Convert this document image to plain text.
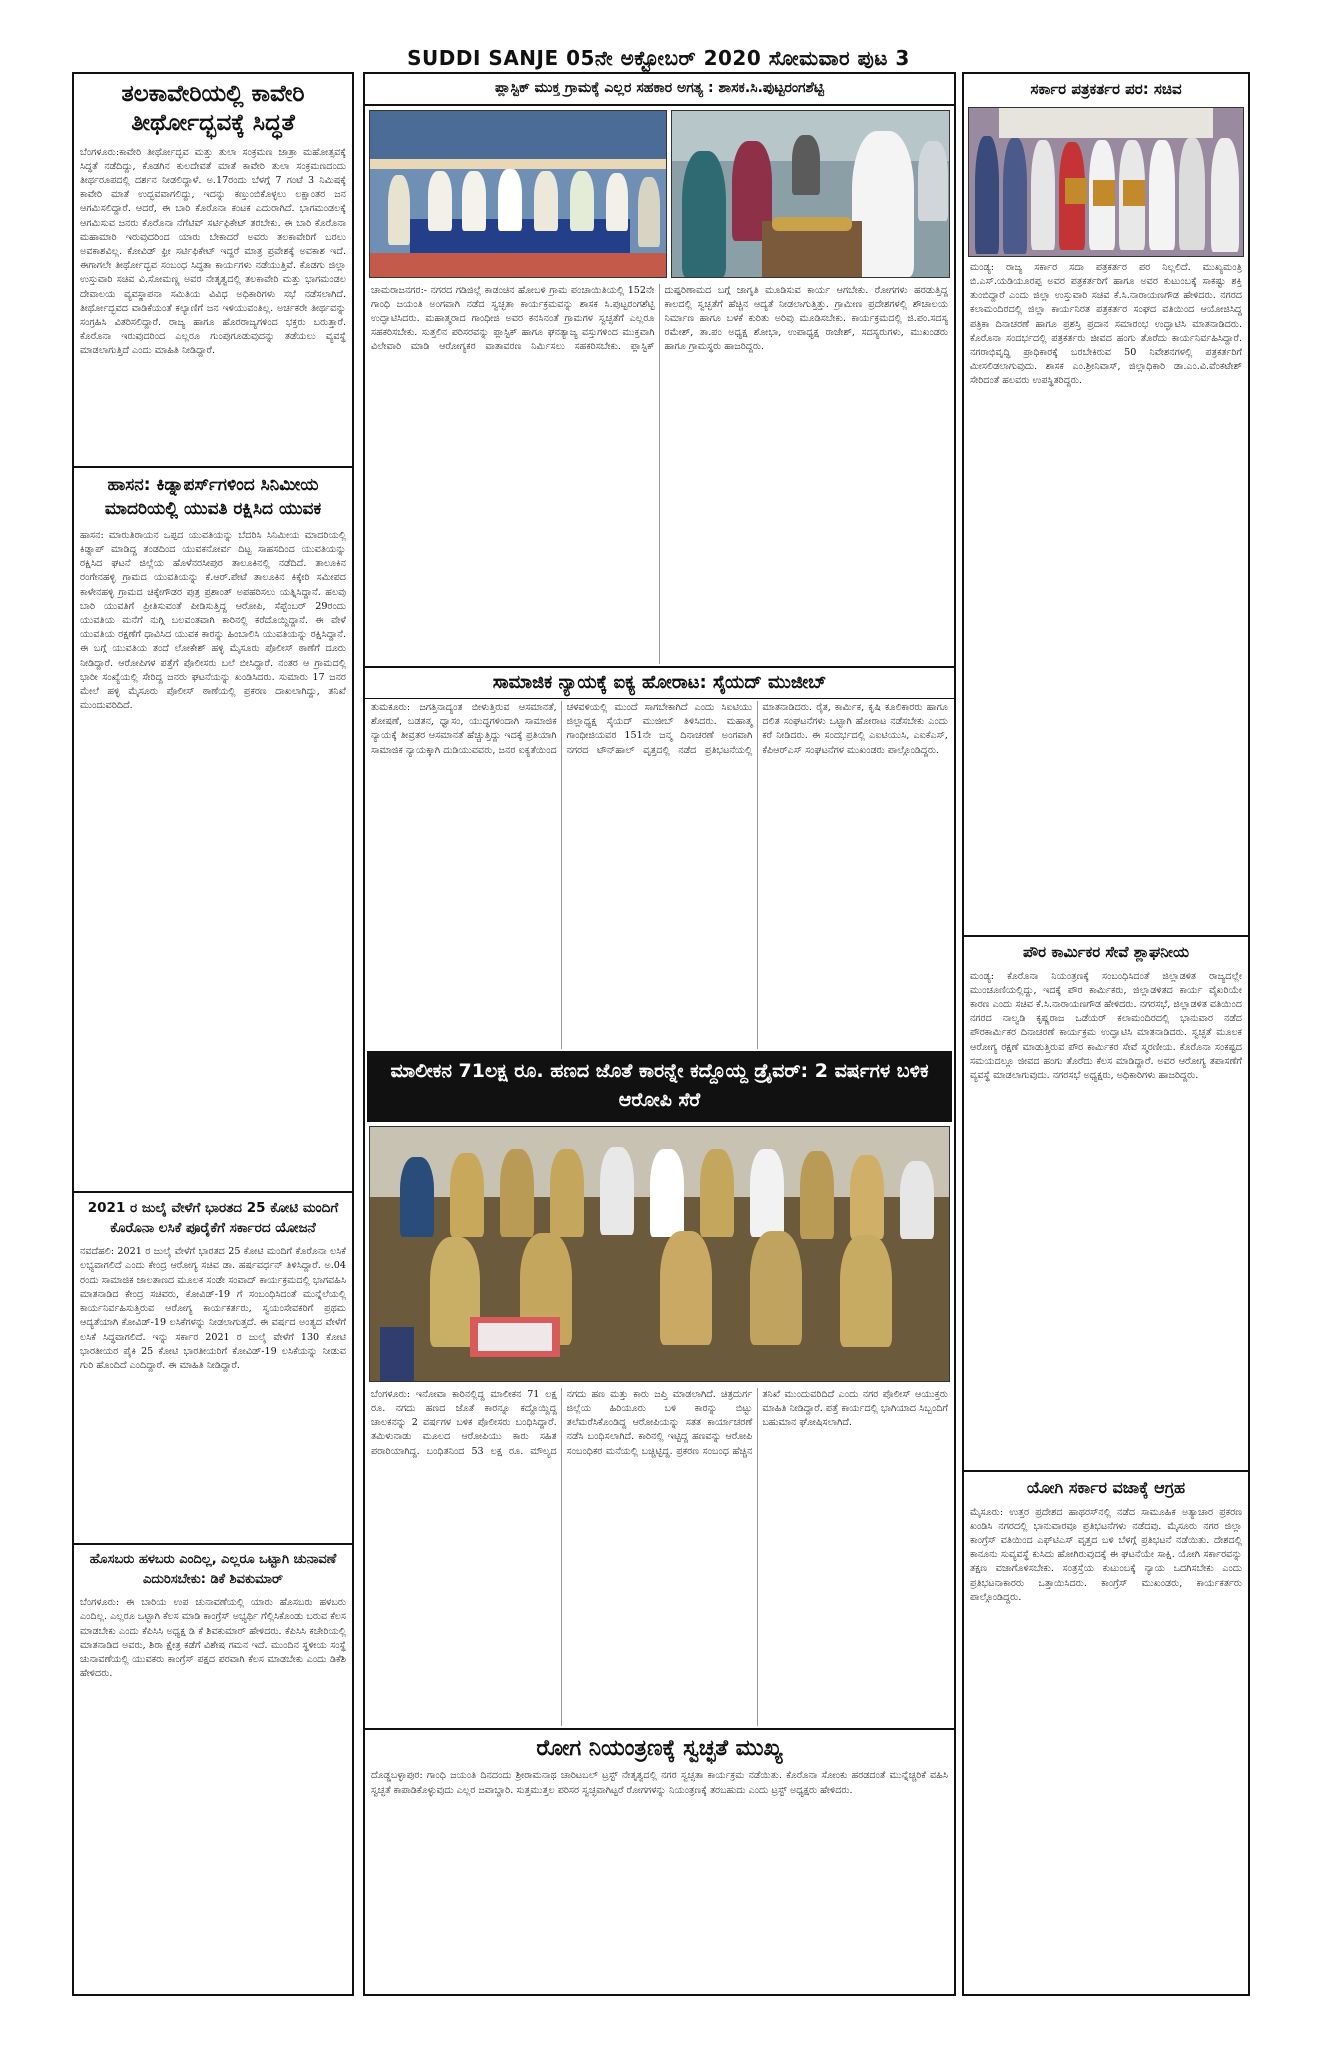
SUDDI SANJE 05ನೇ ಅಕ್ಟೋಬರ್ 2020 ಸೋಮವಾರ ಪುಟ 3
ತಲಕಾವೇರಿಯಲ್ಲಿ ಕಾವೇರಿ ತೀರ್ಥೋದ್ಭವಕ್ಕೆ ಸಿದ್ಧತೆ
ಬೆಂಗಳೂರು:ಕಾವೇರಿ ತೀರ್ಥೋದ್ಭವ ಮತ್ತು ತುಲಾ ಸಂಕ್ರಮಣ ಜಾತ್ರಾ ಮಹೋತ್ಸವಕ್ಕೆ ಸಿದ್ಧತೆ ನಡೆದಿದ್ದು, ಕೊಡಗಿನ ಕುಲದೇವತೆ ಮಾತೆ ಕಾವೇರಿ ತುಲಾ ಸಂಕ್ರಮಣದಂದು ತೀರ್ಥರೂಪದಲ್ಲಿ ದರ್ಶನ ನೀಡಲಿದ್ದಾಳೆ. ಅ.17ರಂದು ಬೆಳಗ್ಗೆ 7 ಗಂಟೆ 3 ನಿಮಿಷಕ್ಕೆ ಕಾವೇರಿ ಮಾತೆ ಉದ್ಭವವಾಗಲಿದ್ದು, ಇದನ್ನು ಕಣ್ತುಂಬಿಕೊಳ್ಳಲು ಲಕ್ಷಾಂತರ ಜನ ಆಗಮಿಸಲಿದ್ದಾರೆ. ಆದರೆ, ಈ ಬಾರಿ ಕೊರೊನಾ ಕಂಟಕ ಎದುರಾಗಿದೆ. ಭಾಗಮಂಡಲಕ್ಕೆ ಆಗಮಿಸುವ ಜನರು ಕೊರೊನಾ ನೆಗೆಟಿವ್ ಸರ್ಟಿಫಿಕೇಟ್ ತರಬೇಕು. ಈ ಬಾರಿ ಕೊರೊನಾ ಮಹಾಮಾರಿ ಇರುವುದರಿಂದ ಯಾರು ಬೇಕಾದರೆ ಅವರು ತಲಕಾವೇರಿಗೆ ಬರಲು ಅವಕಾಶವಿಲ್ಲ. ಕೋವಿಡ್ ಫ್ರೀ ಸರ್ಟಿಫಿಕೇಟ್ ಇದ್ದರೆ ಮಾತ್ರ ಪ್ರವೇಶಕ್ಕೆ ಅವಕಾಶ ಇದೆ. ಈಗಾಗಲೇ ತೀರ್ಥೋದ್ಭವ ಸಂಬಂಧ ಸಿದ್ಧತಾ ಕಾರ್ಯಗಳು ನಡೆಯುತ್ತಿವೆ. ಕೊಡಗು ಜಿಲ್ಲಾ ಉಸ್ತುವಾರಿ ಸಚಿವ ವಿ.ಸೋಮಣ್ಣ ಅವರ ನೇತೃತ್ವದಲ್ಲಿ ತಲಕಾವೇರಿ ಮತ್ತು ಭಾಗಮಂಡಲ ದೇವಾಲಯ ವ್ಯವಸ್ಥಾಪನಾ ಸಮಿತಿಯ ವಿವಿಧ ಅಧಿಕಾರಿಗಳು ಸಭೆ ನಡೆಸಲಾಗಿದೆ. ತೀರ್ಥೋದ್ಭವದ ವಾಡಿಕೆಯಂತೆ ಕಲ್ಯಾಣಿಗೆ ಜನ ಇಳಿಯುವಂತಿಲ್ಲ. ಅರ್ಚಕರೇ ತೀರ್ಥವನ್ನು ಸಂಗ್ರಹಿಸಿ ವಿತರಿಸಲಿದ್ದಾರೆ. ರಾಜ್ಯ ಹಾಗೂ ಹೊರರಾಜ್ಯಗಳಿಂದ ಭಕ್ತರು ಬರುತ್ತಾರೆ. ಕೊರೊನಾ ಇರುವುದರಿಂದ ಎಲ್ಲರೂ ಗುಂಪುಗೂಡುವುದನ್ನು ತಡೆಯಲು ವ್ಯವಸ್ಥೆ ಮಾಡಲಾಗುತ್ತಿದೆ ಎಂದು ಮಾಹಿತಿ ನೀಡಿದ್ದಾರೆ.
ಹಾಸನ: ಕಿಡ್ನಾಪರ್ಸ್‌ಗಳಿಂದ ಸಿನಿಮೀಯ ಮಾದರಿಯಲ್ಲಿ ಯುವತಿ ರಕ್ಷಿಸಿದ ಯುವಕ
ಹಾಸನ: ಮಾರುತಿರಾಯನ ಒಪ್ಪದ ಯುವತಿಯನ್ನು ಬೆದರಿಸಿ ಸಿನಿಮೀಯ ಮಾದರಿಯಲ್ಲಿ ಕಿಡ್ನಾಪ್ ಮಾಡಿದ್ದ ತಂಡದಿಂದ ಯುವಕನೋರ್ವ ದಿಟ್ಟ ಸಾಹಸದಿಂದ ಯುವತಿಯನ್ನು ರಕ್ಷಿಸಿದ ಘಟನೆ ಜಿಲ್ಲೆಯ ಹೊಳೆನರಸೀಪುರ ತಾಲೂಕಿನಲ್ಲಿ ನಡೆದಿದೆ. ತಾಲೂಕಿನ ರಂಗೇನಹಳ್ಳಿ ಗ್ರಾಮದ ಯುವತಿಯನ್ನು ಕೆ.ಆರ್.ಪೇಟೆ ತಾಲೂಕಿನ ಕಿಕ್ಕೇರಿ ಸಮೀಪದ ಕಾಳೇನಹಳ್ಳಿ ಗ್ರಾಮದ ಚಿಕ್ಕೇಗೌಡರ ಪುತ್ರ ಪ್ರಶಾಂತ್ ಅಪಹರಿಸಲು ಯತ್ನಿಸಿದ್ದಾನೆ. ಹಲವು ಬಾರಿ ಯುವತಿಗೆ ಪ್ರೀತಿಸುವಂತೆ ಪೀಡಿಸುತ್ತಿದ್ದ ಆರೋಪಿ, ಸೆಪ್ಟೆಂಬರ್ 29ರಂದು ಯುವತಿಯ ಮನೆಗೆ ನುಗ್ಗಿ ಬಲವಂತವಾಗಿ ಕಾರಿನಲ್ಲಿ ಕರೆದೊಯ್ದಿದ್ದಾನೆ. ಈ ವೇಳೆ ಯುವತಿಯ ರಕ್ಷಣೆಗೆ ಧಾವಿಸಿದ ಯುವಕ ಕಾರನ್ನು ಹಿಂಬಾಲಿಸಿ ಯುವತಿಯನ್ನು ರಕ್ಷಿಸಿದ್ದಾನೆ. ಈ ಬಗ್ಗೆ ಯುವತಿಯ ತಂದೆ ಲೋಕೇಶ್ ಹಳ್ಳಿ ಮೈಸೂರು ಪೊಲೀಸ್ ಠಾಣೆಗೆ ದೂರು ನೀಡಿದ್ದಾರೆ. ಆರೋಪಿಗಳ ಪತ್ತೆಗೆ ಪೊಲೀಸರು ಬಲೆ ಬೀಸಿದ್ದಾರೆ. ನಂತರ ಆ ಗ್ರಾಮದಲ್ಲಿ ಭಾರೀ ಸಂಖ್ಯೆಯಲ್ಲಿ ಸೇರಿದ್ದ ಜನರು ಘಟನೆಯನ್ನು ಖಂಡಿಸಿದರು. ಸುಮಾರು 17 ಜನರ ಮೇಲೆ ಹಳ್ಳಿ ಮೈಸೂರು ಪೊಲೀಸ್ ಠಾಣೆಯಲ್ಲಿ ಪ್ರಕರಣ ದಾಖಲಾಗಿದ್ದು, ತನಿಖೆ ಮುಂದುವರಿದಿದೆ.
2021 ರ ಜುಲೈ ವೇಳೆಗೆ ಭಾರತದ 25 ಕೋಟಿ ಮಂದಿಗೆ ಕೊರೊನಾ ಲಸಿಕೆ ಪೂರೈಕೆಗೆ ಸರ್ಕಾರದ ಯೋಜನೆ
ನವದೆಹಲಿ: 2021 ರ ಜುಲೈ ವೇಳೆಗೆ ಭಾರತದ 25 ಕೋಟಿ ಮಂದಿಗೆ ಕೊರೊನಾ ಲಸಿಕೆ ಲಭ್ಯವಾಗಲಿದೆ ಎಂದು ಕೇಂದ್ರ ಆರೋಗ್ಯ ಸಚಿವ ಡಾ. ಹರ್ಷವರ್ಧನ್ ತಿಳಿಸಿದ್ದಾರೆ. ಅ.04 ರಂದು ಸಾಮಾಜಿಕ ಜಾಲತಾಣದ ಮೂಲಕ ಸಂಡೇ ಸಂವಾದ್ ಕಾರ್ಯಕ್ರಮದಲ್ಲಿ ಭಾಗವಹಿಸಿ ಮಾತನಾಡಿದ ಕೇಂದ್ರ ಸಚಿವರು, ಕೋವಿಡ್-19 ಗೆ ಸಂಬಂಧಿಸಿದಂತೆ ಮುನ್ನೆಲೆಯಲ್ಲಿ ಕಾರ್ಯನಿರ್ವಹಿಸುತ್ತಿರುವ ಆರೋಗ್ಯ ಕಾರ್ಯಕರ್ತರು, ಸ್ವಯಂಸೇವಕರಿಗೆ ಪ್ರಥಮ ಆದ್ಯತೆಯಾಗಿ ಕೋವಿಡ್-19 ಲಸಿಕೆಗಳನ್ನು ನೀಡಲಾಗುತ್ತದೆ. ಈ ವರ್ಷದ ಅಂತ್ಯದ ವೇಳೆಗೆ ಲಸಿಕೆ ಸಿದ್ಧವಾಗಲಿದೆ. ಇನ್ನು ಸರ್ಕಾರ 2021 ರ ಜುಲೈ ವೇಳೆಗೆ 130 ಕೋಟಿ ಭಾರತೀಯರ ಪೈಕಿ 25 ಕೋಟಿ ಭಾರತೀಯರಿಗೆ ಕೋವಿಡ್-19 ಲಸಿಕೆಯನ್ನು ನೀಡುವ ಗುರಿ ಹೊಂದಿದೆ ಎಂದಿದ್ದಾರೆ. ಈ ಮಾಹಿತಿ ನೀಡಿದ್ದಾರೆ.
ಹೊಸಬರು ಹಳಬರು ಎಂದಿಲ್ಲ, ಎಲ್ಲರೂ ಒಟ್ಟಾಗಿ ಚುನಾವಣೆ ಎದುರಿಸಬೇಕು: ಡಿಕೆ ಶಿವಕುಮಾರ್
ಬೆಂಗಳೂರು: ಈ ಬಾರಿಯ ಉಪ ಚುನಾವಣೆಯಲ್ಲಿ ಯಾರು ಹೊಸಬರು ಹಳಬರು ಎಂದಿಲ್ಲ. ಎಲ್ಲರೂ ಒಟ್ಟಾಗಿ ಕೆಲಸ ಮಾಡಿ ಕಾಂಗ್ರೆಸ್ ಅಭ್ಯರ್ಥಿ ಗೆಲ್ಲಿಸಿಕೊಂಡು ಬರುವ ಕೆಲಸ ಮಾಡಬೇಕು ಎಂದು ಕೆಪಿಸಿಸಿ ಅಧ್ಯಕ್ಷ ಡಿ ಕೆ ಶಿವಕುಮಾರ್ ಹೇಳಿದರು. ಕೆಪಿಸಿಸಿ ಕಚೇರಿಯಲ್ಲಿ ಮಾತನಾಡಿದ ಅವರು, ಶಿರಾ ಕ್ಷೇತ್ರ ಕಡೆಗೆ ವಿಶೇಷ ಗಮನ ಇದೆ. ಮುಂದಿನ ಸ್ಥಳೀಯ ಸಂಸ್ಥೆ ಚುನಾವಣೆಯಲ್ಲಿ ಯುವಕರು ಕಾಂಗ್ರೆಸ್ ಪಕ್ಷದ ಪರವಾಗಿ ಕೆಲಸ ಮಾಡಬೇಕು ಎಂದು ಡಿಕೆಶಿ ಹೇಳಿದರು.
ಪ್ಲಾಸ್ಟಿಕ್ ಮುಕ್ತ ಗ್ರಾಮಕ್ಕೆ ಎಲ್ಲರ ಸಹಕಾರ ಅಗತ್ಯ : ಶಾಸಕ.ಸಿ.ಪುಟ್ಟರಂಗಶೆಟ್ಟಿ
ಚಾಮರಾಜನಗರ:- ನಗರದ ಗಡಿಜಿಲ್ಲೆ ಕಾಡಂಚಿನ ಹೋಬಳಿ ಗ್ರಾಮ ಪಂಚಾಯಿತಿಯಲ್ಲಿ 152ನೇ ಗಾಂಧಿ ಜಯಂತಿ ಅಂಗವಾಗಿ ನಡೆದ ಸ್ವಚ್ಛತಾ ಕಾರ್ಯಕ್ರಮವನ್ನು ಶಾಸಕ ಸಿ.ಪುಟ್ಟರಂಗಶೆಟ್ಟಿ ಉದ್ಘಾಟಿಸಿದರು. ಮಹಾತ್ಮರಾದ ಗಾಂಧೀಜಿ ಅವರ ಕನಸಿನಂತೆ ಗ್ರಾಮಗಳ ಸ್ವಚ್ಛತೆಗೆ ಎಲ್ಲರೂ ಸಹಕರಿಸಬೇಕು. ಸುತ್ತಲಿನ ಪರಿಸರವನ್ನು ಪ್ಲಾಸ್ಟಿಕ್ ಹಾಗೂ ಘನತ್ಯಾಜ್ಯ ವಸ್ತುಗಳಿಂದ ಮುಕ್ತವಾಗಿ ವಿಲೇವಾರಿ ಮಾಡಿ ಆರೋಗ್ಯಕರ ವಾತಾವರಣ ನಿರ್ಮಿಸಲು ಸಹಕರಿಸಬೇಕು. ಪ್ಲಾಸ್ಟಿಕ್ ದುಷ್ಪರಿಣಾಮದ ಬಗ್ಗೆ ಜಾಗೃತಿ ಮೂಡಿಸುವ ಕಾರ್ಯ ಆಗಬೇಕು. ರೋಗಗಳು ಹರಡುತ್ತಿದ್ದ ಕಾಲದಲ್ಲಿ ಸ್ವಚ್ಛತೆಗೆ ಹೆಚ್ಚಿನ ಆದ್ಯತೆ ನೀಡಲಾಗುತ್ತಿತ್ತು. ಗ್ರಾಮೀಣ ಪ್ರದೇಶಗಳಲ್ಲಿ ಶೌಚಾಲಯ ನಿರ್ಮಾಣ ಹಾಗೂ ಬಳಕೆ ಕುರಿತು ಅರಿವು ಮೂಡಿಸಬೇಕು. ಕಾರ್ಯಕ್ರಮದಲ್ಲಿ ಜಿ.ಪಂ.ಸದಸ್ಯ ರಮೇಶ್, ತಾ.ಪಂ ಅಧ್ಯಕ್ಷ ಶೋಭಾ, ಉಪಾಧ್ಯಕ್ಷ ರಾಜೇಶ್, ಸದಸ್ಯರುಗಳು, ಮುಖಂಡರು ಹಾಗೂ ಗ್ರಾಮಸ್ಥರು ಹಾಜರಿದ್ದರು.
ಸಾಮಾಜಿಕ ನ್ಯಾಯಕ್ಕೆ ಐಕ್ಯ ಹೋರಾಟ: ಸೈಯದ್ ಮುಜೀಬ್
ತುಮಕೂರು: ಜಗತ್ತಿನಾದ್ಯಂತ ಬೀಳುತ್ತಿರುವ ಆಸಮಾನತೆ, ಶೋಷಣೆ, ಬಡತನ, ಧ್ವಾಸಂ, ಯುದ್ಧಗಳಿಂದಾಗಿ ಸಾಮಾಜಿಕ ನ್ಯಾಯಕ್ಕೆ ತೀವ್ರತರ ಆಸಮಾನತೆ ಹೆಚ್ಚುತ್ತಿದ್ದು ಇದಕ್ಕೆ ಪ್ರತಿಯಾಗಿ ಸಾಮಾಜಿಕ ನ್ಯಾಯಕ್ಕಾಗಿ ದುಡಿಯುವವರು, ಜನರ ಐಕ್ಯತೆಯಿಂದ ಚಳವಳಿಯಲ್ಲಿ ಮುಂದೆ ಸಾಗಬೇಕಾಗಿದೆ ಎಂದು ಸಿಐಟಿಯು ಜಿಲ್ಲಾಧ್ಯಕ್ಷ ಸೈಯದ್ ಮುಜೀಬ್ ತಿಳಿಸಿದರು. ಮಹಾತ್ಮ ಗಾಂಧೀಜಿಯವರ 151ನೇ ಜನ್ಮ ದಿನಾಚರಣೆ ಅಂಗವಾಗಿ ನಗರದ ಟೌನ್‌ಹಾಲ್ ವೃತ್ತದಲ್ಲಿ ನಡೆದ ಪ್ರತಿಭಟನೆಯಲ್ಲಿ ಮಾತನಾಡಿದರು. ರೈತ, ಕಾರ್ಮಿಕ, ಕೃಷಿ ಕೂಲಿಕಾರರು ಹಾಗೂ ದಲಿತ ಸಂಘಟನೆಗಳು ಒಟ್ಟಾಗಿ ಹೋರಾಟ ನಡೆಸಬೇಕು ಎಂದು ಕರೆ ನೀಡಿದರು. ಈ ಸಂದರ್ಭದಲ್ಲಿ ಎಐಟಿಯುಸಿ, ಎಐಕೆಎಸ್, ಕೆಪಿಆರ್‌ಎಸ್ ಸಂಘಟನೆಗಳ ಮುಖಂಡರು ಪಾಲ್ಗೊಂಡಿದ್ದರು.
ಮಾಲೀಕನ 71ಲಕ್ಷ ರೂ. ಹಣದ ಜೊತೆ ಕಾರನ್ನೇ ಕದ್ದೊಯ್ದ ಡ್ರೈವರ್: 2 ವರ್ಷಗಳ ಬಳಿಕ ಆರೋಪಿ ಸೆರೆ
ಬೆಂಗಳೂರು: ಇನೋವಾ ಕಾರಿನಲ್ಲಿದ್ದ ಮಾಲೀಕನ 71 ಲಕ್ಷ ರೂ. ನಗದು ಹಣದ ಜೊತೆ ಕಾರನ್ನೂ ಕದ್ದೊಯ್ದಿದ್ದ ಚಾಲಕನನ್ನು 2 ವರ್ಷಗಳ ಬಳಿಕ ಪೊಲೀಸರು ಬಂಧಿಸಿದ್ದಾರೆ. ತಮಿಳುನಾಡು ಮೂಲದ ಆರೋಪಿಯು ಕಾರು ಸಹಿತ ಪರಾರಿಯಾಗಿದ್ದ. ಬಂಧಿತನಿಂದ 53 ಲಕ್ಷ ರೂ. ಮೌಲ್ಯದ ನಗದು ಹಣ ಮತ್ತು ಕಾರು ಜಪ್ತಿ ಮಾಡಲಾಗಿದೆ. ಚಿತ್ರದುರ್ಗ ಜಿಲ್ಲೆಯ ಹಿರಿಯೂರು ಬಳಿ ಕಾರನ್ನು ಬಿಟ್ಟು ತಲೆಮರೆಸಿಕೊಂಡಿದ್ದ ಆರೋಪಿಯನ್ನು ಸತತ ಕಾರ್ಯಾಚರಣೆ ನಡೆಸಿ ಬಂಧಿಸಲಾಗಿದೆ. ಕಾರಿನಲ್ಲಿ ಇಟ್ಟಿದ್ದ ಹಣವನ್ನು ಆರೋಪಿ ಸಂಬಂಧಿಕರ ಮನೆಯಲ್ಲಿ ಬಚ್ಚಿಟ್ಟಿದ್ದ. ಪ್ರಕರಣ ಸಂಬಂಧ ಹೆಚ್ಚಿನ ತನಿಖೆ ಮುಂದುವರಿದಿದೆ ಎಂದು ನಗರ ಪೊಲೀಸ್ ಆಯುಕ್ತರು ಮಾಹಿತಿ ನೀಡಿದ್ದಾರೆ. ಪತ್ತೆ ಕಾರ್ಯದಲ್ಲಿ ಭಾಗಿಯಾದ ಸಿಬ್ಬಂದಿಗೆ ಬಹುಮಾನ ಘೋಷಿಸಲಾಗಿದೆ.
ರೋಗ ನಿಯಂತ್ರಣಕ್ಕೆ ಸ್ವಚ್ಛತೆ ಮುಖ್ಯ
ದೊಡ್ಡಬಳ್ಳಾಪುರ: ಗಾಂಧಿ ಜಯಂತಿ ದಿನದಂದು ಶ್ರೀರಾಮನಾಥ ಚಾರಿಟಬಲ್ ಟ್ರಸ್ಟ್ ನೇತೃತ್ವದಲ್ಲಿ ನಗರ ಸ್ವಚ್ಛತಾ ಕಾರ್ಯಕ್ರಮ ನಡೆಯಿತು. ಕೊರೊನಾ ಸೋಂಕು ಹರಡದಂತೆ ಮುನ್ನೆಚ್ಚರಿಕೆ ವಹಿಸಿ ಸ್ವಚ್ಛತೆ ಕಾಪಾಡಿಕೊಳ್ಳುವುದು ಎಲ್ಲರ ಜವಾಬ್ದಾರಿ. ಸುತ್ತಮುತ್ತಲ ಪರಿಸರ ಸ್ವಚ್ಛವಾಗಿಟ್ಟರೆ ರೋಗಗಳನ್ನು ನಿಯಂತ್ರಣಕ್ಕೆ ತರಬಹುದು ಎಂದು ಟ್ರಸ್ಟ್ ಅಧ್ಯಕ್ಷರು ಹೇಳಿದರು.
ಸರ್ಕಾರ ಪತ್ರಕರ್ತರ ಪರ: ಸಚಿವ
ಮಂಡ್ಯ: ರಾಜ್ಯ ಸರ್ಕಾರ ಸದಾ ಪತ್ರಕರ್ತರ ಪರ ನಿಲ್ಲಲಿದೆ. ಮುಖ್ಯಮಂತ್ರಿ ಬಿ.ಎಸ್.ಯಡಿಯೂರಪ್ಪ ಅವರ ಪತ್ರಕರ್ತರಿಗೆ ಹಾಗೂ ಅವರ ಕುಟುಂಬಕ್ಕೆ ಸಾಕಷ್ಟು ಶಕ್ತಿ ತುಂಬಿದ್ದಾರೆ ಎಂದು ಜಿಲ್ಲಾ ಉಸ್ತುವಾರಿ ಸಚಿವ ಕೆ.ಸಿ.ನಾರಾಯಣಗೌಡ ಹೇಳಿದರು. ನಗರದ ಕಲಾಮಂದಿರದಲ್ಲಿ ಜಿಲ್ಲಾ ಕಾರ್ಯನಿರತ ಪತ್ರಕರ್ತರ ಸಂಘದ ವತಿಯಿಂದ ಆಯೋಜಿಸಿದ್ದ ಪತ್ರಿಕಾ ದಿನಾಚರಣೆ ಹಾಗೂ ಪ್ರಶಸ್ತಿ ಪ್ರದಾನ ಸಮಾರಂಭ ಉದ್ಘಾಟಿಸಿ ಮಾತನಾಡಿದರು. ಕೊರೊನಾ ಸಂದರ್ಭದಲ್ಲಿ ಪತ್ರಕರ್ತರು ಜೀವದ ಹಂಗು ತೊರೆದು ಕಾರ್ಯನಿರ್ವಹಿಸಿದ್ದಾರೆ. ನಗರಾಭಿವೃದ್ಧಿ ಪ್ರಾಧಿಕಾರಕ್ಕೆ ಬರಬೇಕಿರುವ 50 ನಿವೇಶನಗಳಲ್ಲಿ ಪತ್ರಕರ್ತರಿಗೆ ಮೀಸಲಿಡಲಾಗುವುದು. ಶಾಸಕ ಎಂ.ಶ್ರೀನಿವಾಸ್, ಜಿಲ್ಲಾಧಿಕಾರಿ ಡಾ.ಎಂ.ವಿ.ವೆಂಕಟೇಶ್ ಸೇರಿದಂತೆ ಹಲವರು ಉಪಸ್ಥಿತರಿದ್ದರು.
ಪೌರ ಕಾರ್ಮಿಕರ ಸೇವೆ ಶ್ಲಾಘನೀಯ
ಮಂಡ್ಯ: ಕೊರೊನಾ ನಿಯಂತ್ರಣಕ್ಕೆ ಸಂಬಂಧಿಸಿದಂತೆ ಜಿಲ್ಲಾಡಳಿತ ರಾಜ್ಯದಲ್ಲೇ ಮುಂಚೂಣಿಯಲ್ಲಿದ್ದು, ಇದಕ್ಕೆ ಪೌರ ಕಾರ್ಮಿಕರು, ಜಿಲ್ಲಾಡಳಿತದ ಕಾರ್ಯ ವೈಖರಿಯೇ ಕಾರಣ ಎಂದು ಸಚಿವ ಕೆ.ಸಿ.ನಾರಾಯಣಗೌಡ ಹೇಳಿದರು. ನಗರಸಭೆ, ಜಿಲ್ಲಾಡಳಿತ ವತಿಯಿಂದ ನಗರದ ನಾಲ್ವಡಿ ಕೃಷ್ಣರಾಜ ಒಡೆಯರ್ ಕಲಾಮಂದಿರದಲ್ಲಿ ಭಾನುವಾರ ನಡೆದ ಪೌರಕಾರ್ಮಿಕರ ದಿನಾಚರಣೆ ಕಾರ್ಯಕ್ರಮ ಉದ್ಘಾಟಿಸಿ ಮಾತನಾಡಿದರು. ಸ್ವಚ್ಛತೆ ಮೂಲಕ ಆರೋಗ್ಯ ರಕ್ಷಣೆ ಮಾಡುತ್ತಿರುವ ಪೌರ ಕಾರ್ಮಿಕರ ಸೇವೆ ಸ್ಮರಣೀಯ. ಕೊರೊನಾ ಸಂಕಷ್ಟದ ಸಮಯದಲ್ಲೂ ಜೀವದ ಹಂಗು ತೊರೆದು ಕೆಲಸ ಮಾಡಿದ್ದಾರೆ. ಅವರ ಆರೋಗ್ಯ ತಪಾಸಣೆಗೆ ವ್ಯವಸ್ಥೆ ಮಾಡಲಾಗುವುದು. ನಗರಸಭೆ ಅಧ್ಯಕ್ಷರು, ಅಧಿಕಾರಿಗಳು ಹಾಜರಿದ್ದರು.
ಯೋಗಿ ಸರ್ಕಾರ ವಜಾಕ್ಕೆ ಆಗ್ರಹ
ಮೈಸೂರು: ಉತ್ತರ ಪ್ರದೇಶದ ಹಾಥರಸ್‌ನಲ್ಲಿ ನಡೆದ ಸಾಮೂಹಿಕ ಅತ್ಯಾಚಾರ ಪ್ರಕರಣ ಖಂಡಿಸಿ ನಗರದಲ್ಲಿ ಭಾನುವಾರವೂ ಪ್ರತಿಭಟನೆಗಳು ನಡೆದವು. ಮೈಸೂರು ನಗರ ಜಿಲ್ಲಾ ಕಾಂಗ್ರೆಸ್ ವತಿಯಿಂದ ಎಫ್‌ಟಿಎಸ್ ವೃತ್ತದ ಬಳಿ ಬೆಳಗ್ಗೆ ಪ್ರತಿಭಟನೆ ನಡೆಯಿತು. ದೇಶದಲ್ಲಿ ಕಾನೂನು ಸುವ್ಯವಸ್ಥೆ ಕುಸಿದು ಹೋಗಿರುವುದಕ್ಕೆ ಈ ಘಟನೆಯೇ ಸಾಕ್ಷಿ. ಯೋಗಿ ಸರ್ಕಾರವನ್ನು ತಕ್ಷಣ ವಜಾಗೊಳಿಸಬೇಕು. ಸಂತ್ರಸ್ತೆಯ ಕುಟುಂಬಕ್ಕೆ ನ್ಯಾಯ ಒದಗಿಸಬೇಕು ಎಂದು ಪ್ರತಿಭಟನಾಕಾರರು ಒತ್ತಾಯಿಸಿದರು. ಕಾಂಗ್ರೆಸ್ ಮುಖಂಡರು, ಕಾರ್ಯಕರ್ತರು ಪಾಲ್ಗೊಂಡಿದ್ದರು.
